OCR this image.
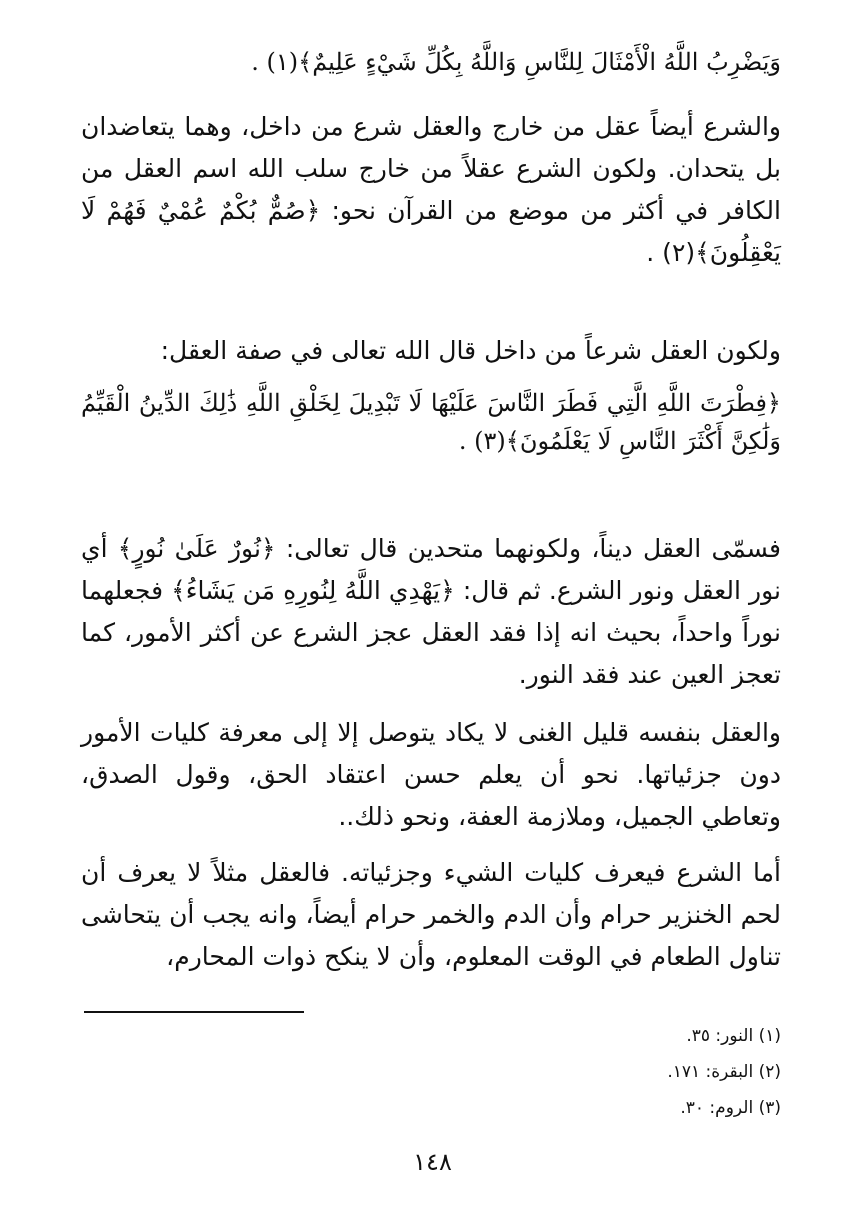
وَيَضْرِبُ اللَّهُ الْأَمْثَالَ لِلنَّاسِ وَاللَّهُ بِكُلِّ شَيْءٍ عَلِيمٌ﴾(١) .

والشرع أيضاً عقل من خارج والعقل شرع من داخل، وهما يتعاضدان بل يتحدان. ولكون الشرع عقلاً من خارج سلب الله اسم العقل من الكافر في أكثر من موضع من القرآن نحو: ﴿صُمٌّ بُكْمٌ عُمْيٌ فَهُمْ لَا يَعْقِلُونَ﴾(٢) .

ولكون العقل شرعاً من داخل قال الله تعالى في صفة العقل:

﴿فِطْرَتَ اللَّهِ الَّتِي فَطَرَ النَّاسَ عَلَيْهَا لَا تَبْدِيلَ لِخَلْقِ اللَّهِ ذَٰلِكَ الدِّينُ الْقَيِّمُ وَلَٰكِنَّ أَكْثَرَ النَّاسِ لَا يَعْلَمُونَ﴾(٣) .

فسمّى العقل ديناً، ولكونهما متحدين قال تعالى: ﴿نُورٌ عَلَىٰ نُورٍ﴾ أي نور العقل ونور الشرع. ثم قال: ﴿يَهْدِي اللَّهُ لِنُورِهِ مَن يَشَاءُ﴾ فجعلهما نوراً واحداً، بحيث انه إذا فقد العقل عجز الشرع عن أكثر الأمور، كما تعجز العين عند فقد النور.

والعقل بنفسه قليل الغنى لا يكاد يتوصل إلا إلى معرفة كليات الأمور دون جزئياتها. نحو أن يعلم حسن اعتقاد الحق، وقول الصدق، وتعاطي الجميل، وملازمة العفة، ونحو ذلك..

أما الشرع فيعرف كليات الشيء وجزئياته. فالعقل مثلاً لا يعرف أن لحم الخنزير حرام وأن الدم والخمر حرام أيضاً، وانه يجب أن يتحاشى تناول الطعام في الوقت المعلوم، وأن لا ينكح ذوات المحارم،

(١) النور: ٣٥.
(٢) البقرة: ١٧١.
(٣) الروم: ٣٠.
١٤٨
